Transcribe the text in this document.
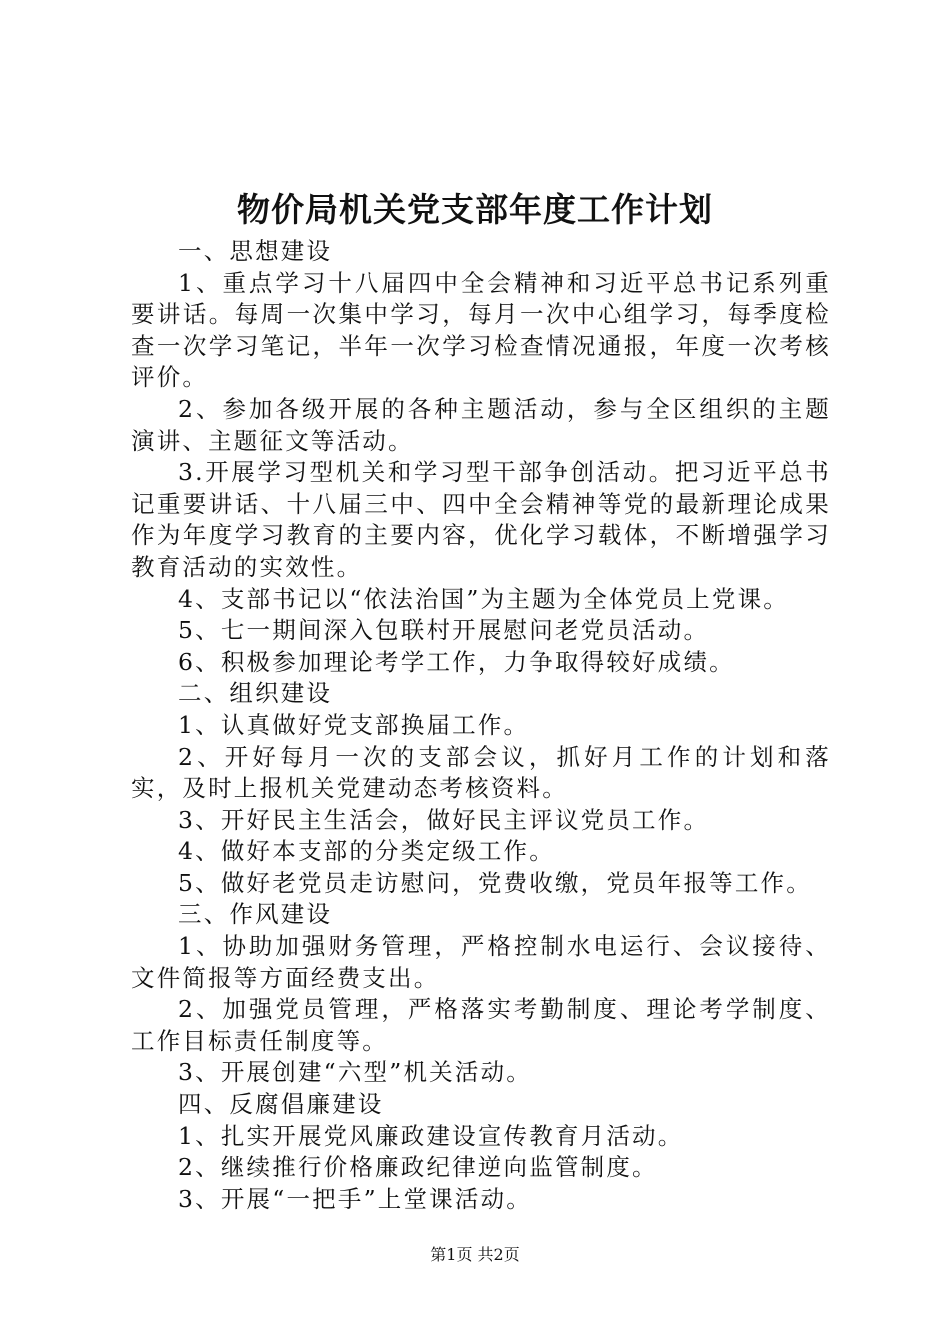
物价局机关党支部年度工作计划

一、思想建设

1、重点学习十八届四中全会精神和习近平总书记系列重要讲话。每周一次集中学习，每月一次中心组学习，每季度检查一次学习笔记，半年一次学习检查情况通报，年度一次考核评价。

2、参加各级开展的各种主题活动，参与全区组织的主题演讲、主题征文等活动。

3.开展学习型机关和学习型干部争创活动。把习近平总书记重要讲话、十八届三中、四中全会精神等党的最新理论成果作为年度学习教育的主要内容，优化学习载体，不断增强学习教育活动的实效性。

4、支部书记以“依法治国”为主题为全体党员上党课。

5、七一期间深入包联村开展慰问老党员活动。

6、积极参加理论考学工作，力争取得较好成绩。

二、组织建设

1、认真做好党支部换届工作。

2、开好每月一次的支部会议，抓好月工作的计划和落实，及时上报机关党建动态考核资料。

3、开好民主生活会，做好民主评议党员工作。

4、做好本支部的分类定级工作。

5、做好老党员走访慰问，党费收缴，党员年报等工作。

三、作风建设

1、协助加强财务管理，严格控制水电运行、会议接待、文件简报等方面经费支出。

2、加强党员管理，严格落实考勤制度、理论考学制度、工作目标责任制度等。

3、开展创建“六型”机关活动。

四、反腐倡廉建设

1、扎实开展党风廉政建设宣传教育月活动。

2、继续推行价格廉政纪律逆向监管制度。

3、开展“一把手”上堂课活动。

第1页 共2页
